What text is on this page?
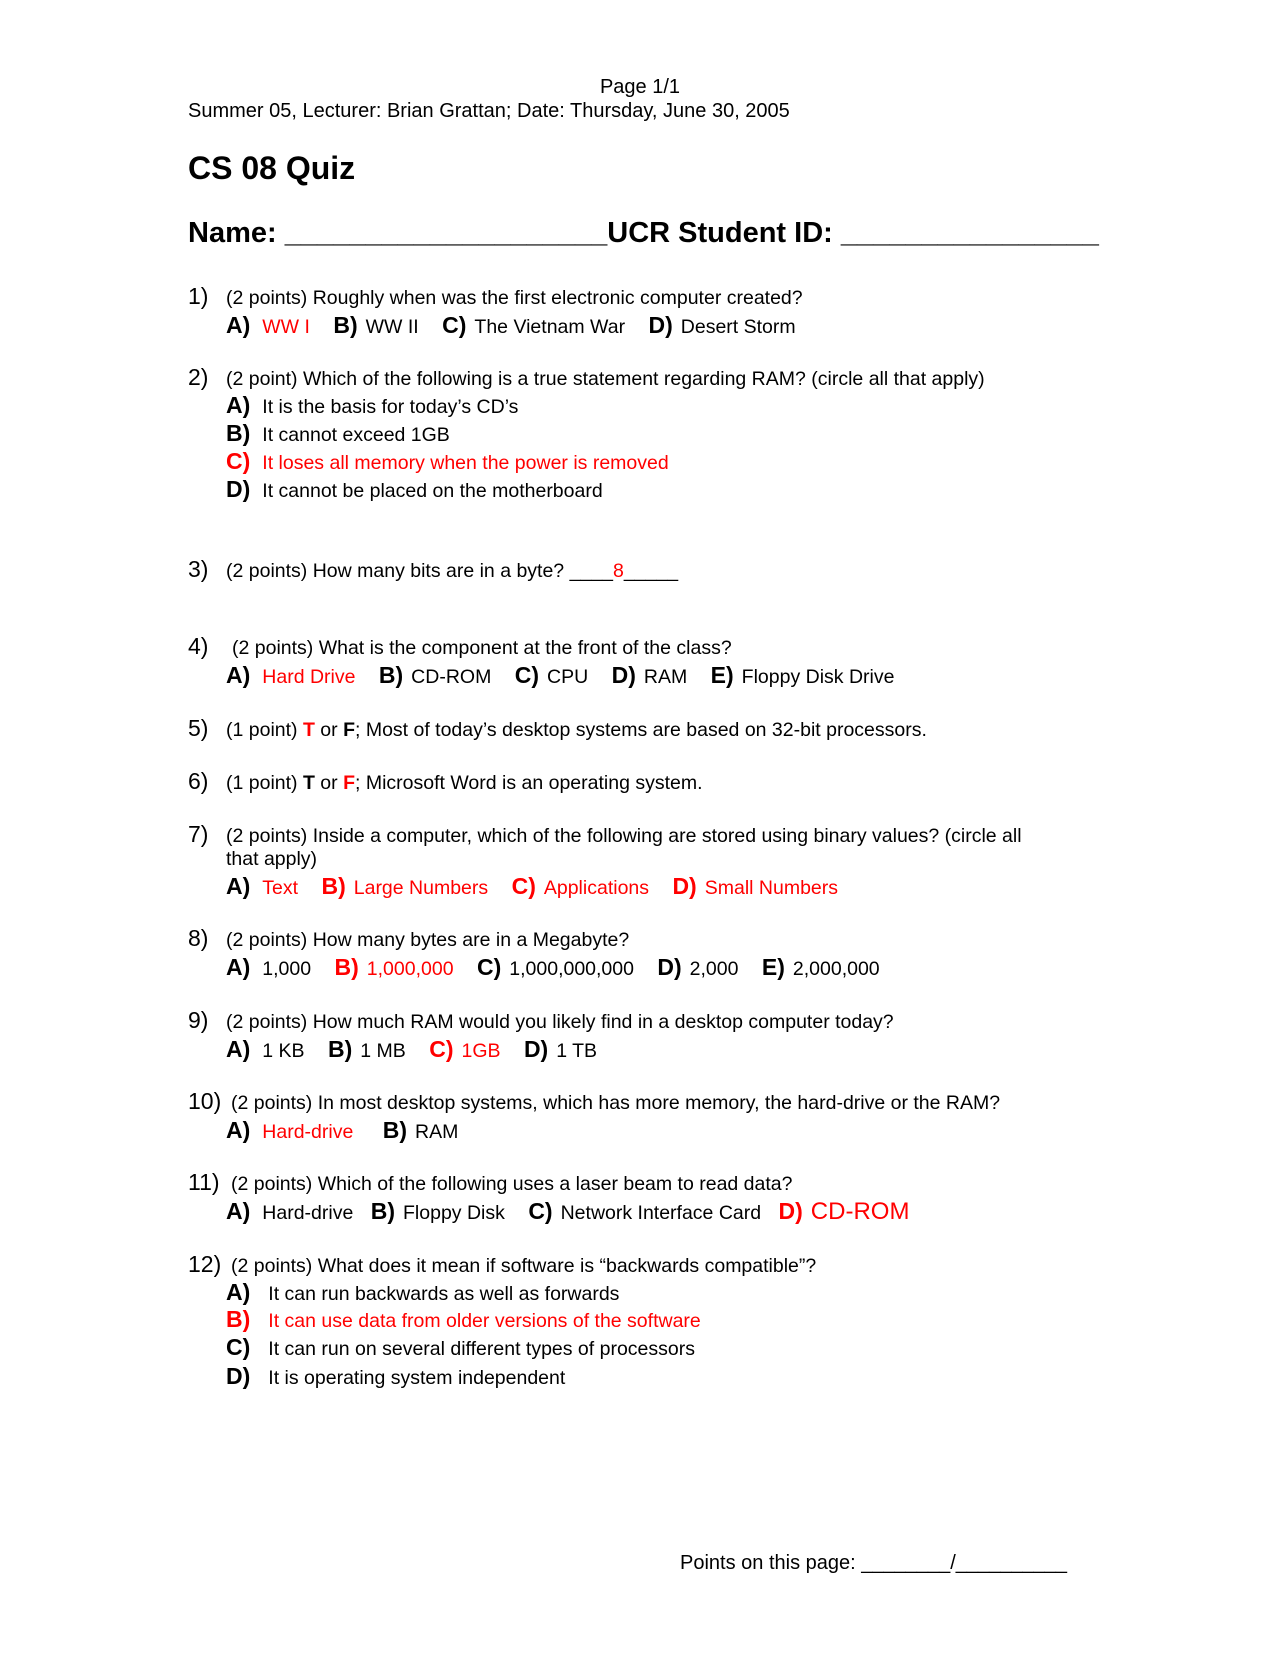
Page 1/1
Summer 05, Lecturer: Brian Grattan; Date: Thursday, June 30, 2005
CS 08 Quiz
Name: ____________________UCR Student ID: ________________
1) (2 points) Roughly when was the first electronic computer created?
A) WW I B) WW II C) The Vietnam War D) Desert Storm
2) (2 point) Which of the following is a true statement regarding RAM? (circle all that apply)
A) It is the basis for today’s CD’s
B) It cannot exceed 1GB
C) It loses all memory when the power is removed
D) It cannot be placed on the motherboard
3) (2 points) How many bits are in a byte? ____8_____
4) (2 points) What is the component at the front of the class?
A) Hard Drive B) CD-ROM C) CPU D) RAM E) Floppy Disk Drive
5) (1 point) T or F; Most of today’s desktop systems are based on 32-bit processors.
6) (1 point) T or F; Microsoft Word is an operating system.
7) (2 points) Inside a computer, which of the following are stored using binary values? (circle all
that apply)
A) Text B) Large Numbers C) Applications D) Small Numbers
8) (2 points) How many bytes are in a Megabyte?
A) 1,000 B) 1,000,000 C) 1,000,000,000 D) 2,000 E) 2,000,000
9) (2 points) How much RAM would you likely find in a desktop computer today?
A) 1 KB B) 1 MB C) 1GB D) 1 TB
10) (2 points) In most desktop systems, which has more memory, the hard-drive or the RAM?
A) Hard-drive B) RAM
11) (2 points) Which of the following uses a laser beam to read data?
A) Hard-drive B) Floppy Disk C) Network Interface Card D) CD-ROM
12) (2 points) What does it mean if software is “backwards compatible”?
A) It can run backwards as well as forwards
B) It can use data from older versions of the software
C) It can run on several different types of processors
D) It is operating system independent
Points on this page: ________/__________
